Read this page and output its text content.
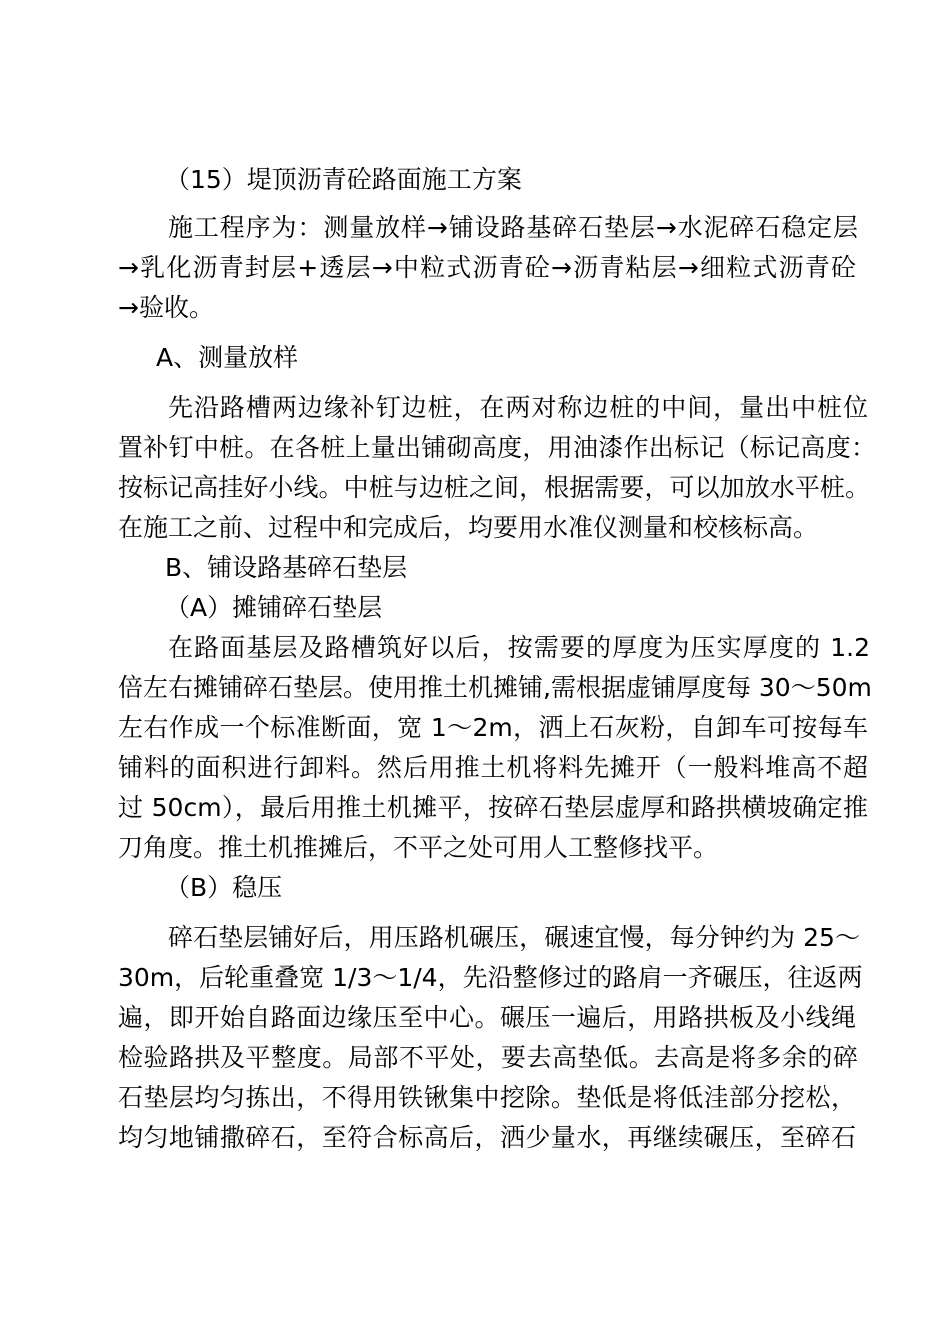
（15）堤顶沥青砼路面施工方案

施工程序为：测量放样→铺设路基碎石垫层→水泥碎石稳定层

→乳化沥青封层+透层→中粒式沥青砼→沥青粘层→细粒式沥青砼

→验收。

A、测量放样

先沿路槽两边缘补钉边桩，在两对称边桩的中间，量出中桩位

置补钉中桩。在各桩上量出铺砌高度，用油漆作出标记（标记高度：

按标记高挂好小线。中桩与边桩之间，根据需要，可以加放水平桩。

在施工之前、过程中和完成后，均要用水准仪测量和校核标高。

B、铺设路基碎石垫层

（A）摊铺碎石垫层

在路面基层及路槽筑好以后，按需要的厚度为压实厚度的 1.2

倍左右摊铺碎石垫层。使用推土机摊铺,需根据虚铺厚度每 30～50m

左右作成一个标准断面，宽 1～2m，洒上石灰粉，自卸车可按每车

铺料的面积进行卸料。然后用推土机将料先摊开（一般料堆高不超

过 50cm），最后用推土机摊平，按碎石垫层虚厚和路拱横坡确定推

刀角度。推土机推摊后，不平之处可用人工整修找平。

（B）稳压

碎石垫层铺好后，用压路机碾压，碾速宜慢，每分钟约为 25～

30m，后轮重叠宽 1/3～1/4，先沿整修过的路肩一齐碾压，往返两

遍，即开始自路面边缘压至中心。碾压一遍后，用路拱板及小线绳

检验路拱及平整度。局部不平处，要去高垫低。去高是将多余的碎

石垫层均匀拣出，不得用铁锹集中挖除。垫低是将低洼部分挖松，

均匀地铺撒碎石，至符合标高后，洒少量水，再继续碾压，至碎石
